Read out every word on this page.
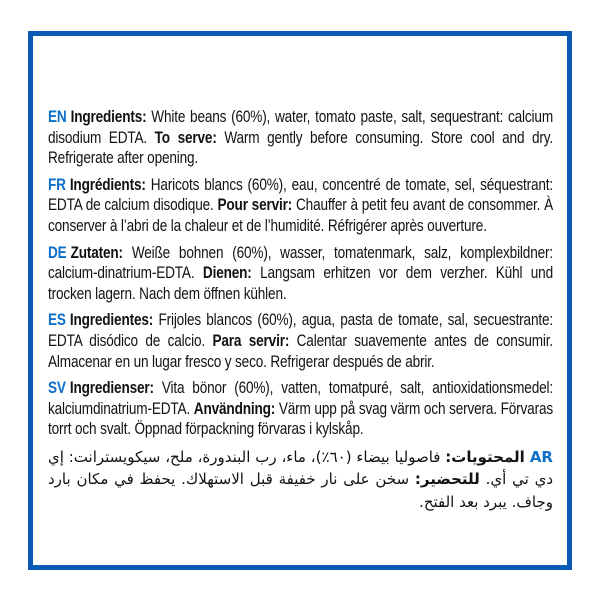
EN Ingredients: White beans (60%), water, tomato paste, salt, sequestrant: calcium disodium EDTA. To serve: Warm gently before consuming. Store cool and dry. Refrigerate after opening.

FR Ingrédients: Haricots blancs (60%), eau, concentré de tomate, sel, séquestrant: EDTA de calcium disodique. Pour servir: Chauffer à petit feu avant de consommer. À conserver à l’abri de la chaleur et de l’humidité. Réfrigérer après ouverture.

DE Zutaten: Weiße bohnen (60%), wasser, tomatenmark, salz, komplexbildner: calcium-dinatrium-EDTA. Dienen: Langsam erhitzen vor dem verzher. Kühl und trocken lagern. Nach dem öffnen kühlen.

ES Ingredientes: Frijoles blancos (60%), agua, pasta de tomate, sal, secuestrante: EDTA disódico de calcio. Para servir: Calentar suavemente antes de consumir. Almacenar en un lugar fresco y seco. Refrigerar después de abrir.

SV Ingredienser: Vita bönor (60%), vatten, tomatpuré, salt, antioxidationsmedel: kalciumdinatrium-EDTA. Användning: Värm upp på svag värm och servera. Förvaras torrt och svalt. Öppnad förpackning förvaras i kylskåp.

ARالمحتويات: فاصوليا بيضاء (٦٠٪)، ماء، رب البندورة، ملح، سيكويسترانت: إي دي تي أي. للتحضير: سخن على نار خفيفة قبل الاستهلاك. يحفظ في مكان بارد وجاف. يبرد بعد الفتح.
